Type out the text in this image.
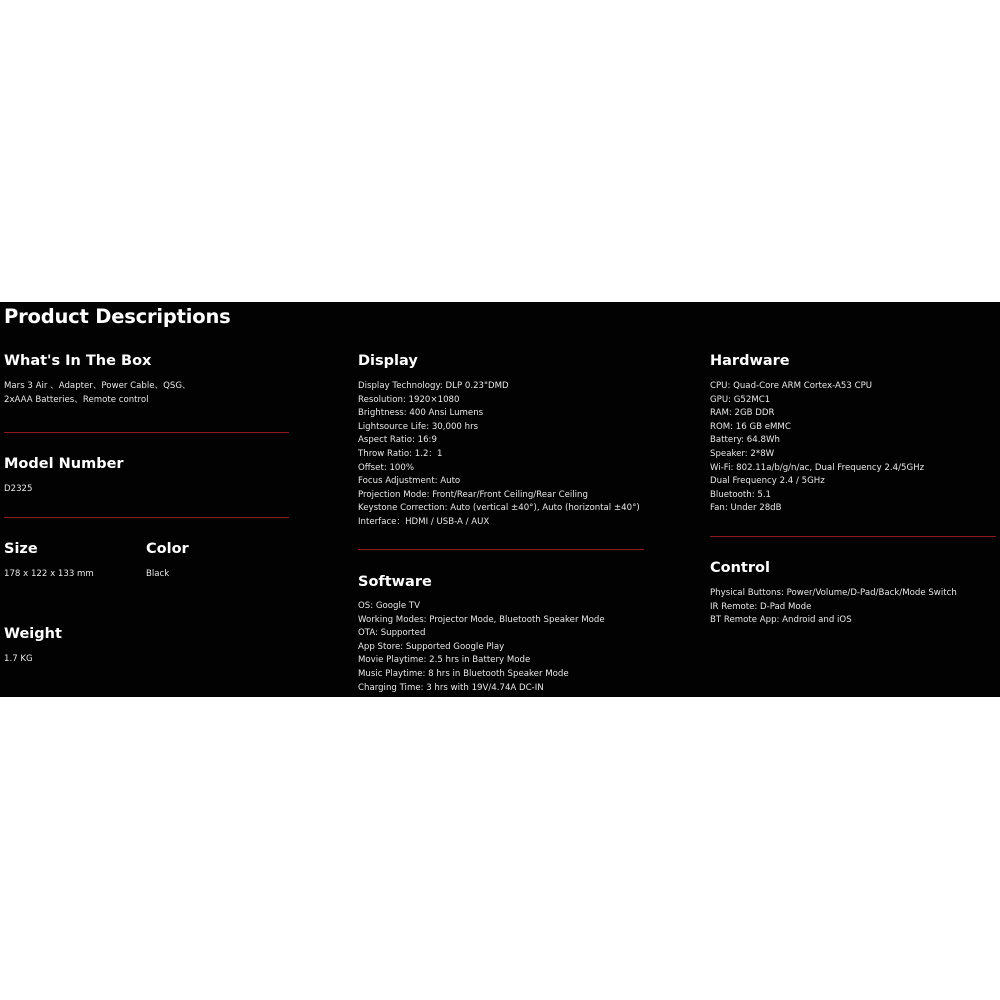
Product Descriptions
What's In The Box
Mars 3 Air 、Adapter、Power Cable、QSG、
2xAAA Batteries、Remote control
Model Number

D2325

Size

178 x 122 x 133 mm

Color

Black

Weight

1.7 KG

Display
Display Technology: DLP 0.23"DMD
Resolution: 1920×1080
Brightness: 400 Ansi Lumens
Lightsource Life: 30,000 hrs
Aspect Ratio: 16:9
Throw Ratio: 1.2：1
Offset: 100%
Focus Adjustment: Auto
Projection Mode: Front/Rear/Front Ceiling/Rear Ceiling
Keystone Correction: Auto (vertical ±40°), Auto (horizontal ±40°)
Interface：HDMI / USB-A / AUX
Software
OS: Google TV
Working Modes: Projector Mode, Bluetooth Speaker Mode
OTA: Supported
App Store: Supported Google Play
Movie Playtime: 2.5 hrs in Battery Mode
Music Playtime: 8 hrs in Bluetooth Speaker Mode
Charging Time: 3 hrs with 19V/4.74A DC-IN
Hardware
CPU: Quad-Core ARM Cortex-A53 CPU
GPU: G52MC1
RAM: 2GB DDR
ROM: 16 GB eMMC
Battery: 64.8Wh
Speaker: 2*8W
Wi-Fi: 802.11a/b/g/n/ac, Dual Frequency 2.4/5GHz
Dual Frequency 2.4 / 5GHz
Bluetooth: 5.1
Fan: Under 28dB
Control
Physical Buttons: Power/Volume/D-Pad/Back/Mode Switch
IR Remote: D-Pad Mode
BT Remote App: Android and iOS
